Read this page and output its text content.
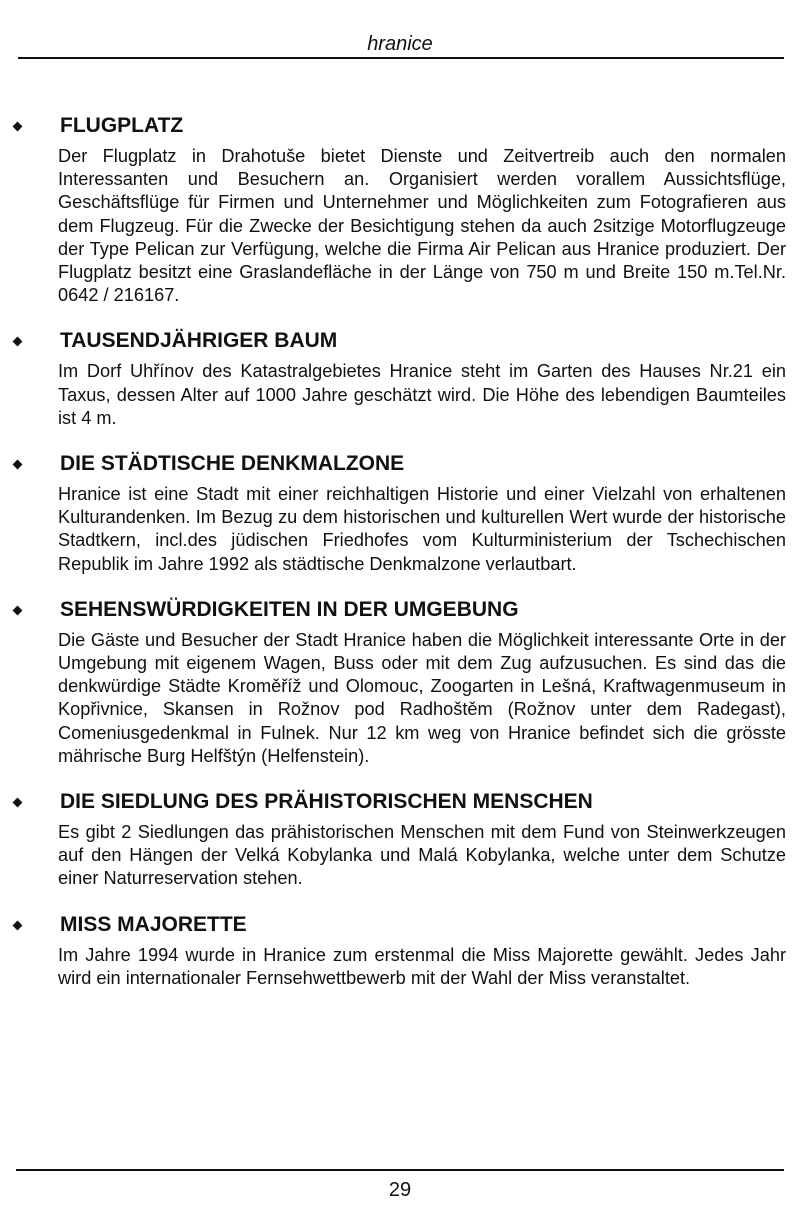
hranice
FLUGPLATZ

Der Flugplatz in Drahotuše bietet Dienste und Zeitvertreib auch den normalen Interessanten und Besuchern an. Organisiert werden vorallem Aussichtsflüge, Geschäftsflüge für Firmen und Unternehmer und Möglichkeiten zum Fotografieren aus dem Flugzeug. Für die Zwecke der Besichtigung stehen da auch 2sitzige Motorflugzeuge der Type Pelican zur Verfügung, welche die Firma Air Pelican aus Hranice produziert. Der Flugplatz besitzt eine Graslandefläche in der Länge von 750 m und Breite 150 m.Tel.Nr. 0642 / 216167.

TAUSENDJÄHRIGER BAUM

Im Dorf Uhřínov des Katastralgebietes Hranice steht im Garten des Hauses Nr.21 ein Taxus, dessen Alter auf 1000 Jahre geschätzt wird. Die Höhe des lebendigen Baumteiles ist 4 m.

DIE STÄDTISCHE DENKMALZONE

Hranice ist eine Stadt mit einer reichhaltigen Historie und einer Vielzahl von erhaltenen Kulturandenken. Im Bezug zu dem historischen und kulturellen Wert wurde der historische Stadtkern, incl.des jüdischen Friedhofes vom Kulturministerium der Tschechischen Republik im Jahre 1992 als städtische Denkmalzone verlautbart.

SEHENSWÜRDIGKEITEN IN DER UMGEBUNG

Die Gäste und Besucher der Stadt Hranice haben die Möglichkeit interessante Orte in der Umgebung mit eigenem Wagen, Buss oder mit dem Zug aufzusuchen. Es sind das die denkwürdige Städte Kroměříž und Olomouc, Zoogarten in Lešná, Kraftwagenmuseum in Kopřivnice, Skansen in Rožnov pod Radhoštěm (Rožnov unter dem Radegast), Comeniusgedenkmal in Fulnek. Nur 12 km weg von Hranice befindet sich die grösste mährische Burg Helfštýn (Helfenstein).

DIE SIEDLUNG DES PRÄHISTORISCHEN MENSCHEN

Es gibt 2 Siedlungen das prähistorischen Menschen mit dem Fund von Steinwerkzeugen auf den Hängen der Velká Kobylanka und Malá Kobylanka, welche unter dem Schutze einer Naturreservation stehen.

MISS MAJORETTE

Im Jahre 1994 wurde in Hranice zum erstenmal die Miss Majorette gewählt. Jedes Jahr wird ein internationaler Fernsehwettbewerb mit der Wahl der Miss veranstaltet.

29
